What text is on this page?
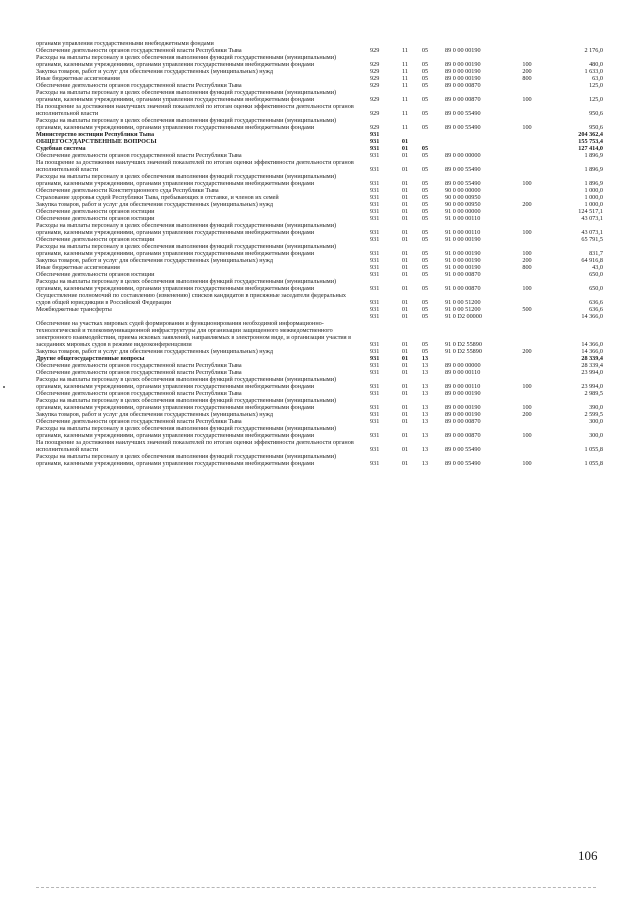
органами управления государственными внебюджетными фондами						
Обеспечение деятельности органов государственной власти Республики Тыва	929	11	05	89 0 00 00190		2 176,0
Расходы на выплаты персоналу в целях обеспечения выполнения функций государственными (муниципальными) органами, казенными учреждениями, органами управления государственными внебюджетными фондами	929	11	05	89 0 00 00190	100	480,0
Закупка товаров, работ и услуг для обеспечения государственных (муниципальных) нужд	929	11	05	89 0 00 00190	200	1 633,0
Иные бюджетные ассигнования	929	11	05	89 0 00 00190	800	63,0
Обеспечение деятельности органов государственной власти Республики Тыва	929	11	05	89 0 00 00870		125,0
Расходы на выплаты персоналу в целях обеспечения выполнения функций государственными (муниципальными) органами, казенными учреждениями, органами управления государственными внебюджетными фондами	929	11	05	89 0 00 00870	100	125,0
На поощрение за достижения наилучших значений показателей по итогам оценки эффективности деятельности органов исполнительной власти	929	11	05	89 0 00 55490		950,6
Расходы на выплаты персоналу в целях обеспечения выполнения функций государственными (муниципальными) органами, казенными учреждениями, органами управления государственными внебюджетными фондами	929	11	05	89 0 00 55490	100	950,6
Министерство юстиции Республики Тыва	931					204 362,4
ОБЩЕГОСУДАРСТВЕННЫЕ ВОПРОСЫ	931	01				155 753,4
Судебная система	931	01	05			127 414,0
Обеспечение деятельности органов государственной власти Республики Тыва	931	01	05	89 0 00 00000		1 896,9
На поощрение за достижения наилучших значений показателей по итогам оценки эффективности деятельности органов исполнительной власти	931	01	05	89 0 00 55490		1 896,9
Расходы на выплаты персоналу в целях обеспечения выполнения функций государственными (муниципальными) органами, казенными учреждениями, органами управления государственными внебюджетными фондами	931	01	05	89 0 00 55490	100	1 896,9
Обеспечение деятельности Конституционного суда Республики Тыва	931	01	05	90 0 00 00000		1 000,0
Страхование здоровья судей Республики Тыва, пребывающих в отставке, и членов их семей	931	01	05	90 0 00 00950		1 000,0
Закупка товаров, работ и услуг для обеспечения государственных (муниципальных) нужд	931	01	05	90 0 00 00950	200	1 000,0
Обеспечение деятельности органов юстиции	931	01	05	91 0 00 00000		124 517,1
Обеспечение деятельности органов юстиции	931	01	05	91 0 00 00110		43 073,1
Расходы на выплаты персоналу в целях обеспечения выполнения функций государственными (муниципальными) органами, казенными учреждениями, органами управления государственными внебюджетными фондами	931	01	05	91 0 00 00110	100	43 073,1
Обеспечение деятельности органов юстиции	931	01	05	91 0 00 00190		65 791,5
Расходы на выплаты персоналу в целях обеспечения выполнения функций государственными (муниципальными) органами, казенными учреждениями, органами управления государственными внебюджетными фондами	931	01	05	91 0 00 00190	100	831,7
Закупка товаров, работ и услуг для обеспечения государственных (муниципальных) нужд	931	01	05	91 0 00 00190	200	64 916,8
Иные бюджетные ассигнования	931	01	05	91 0 00 00190	800	43,0
Обеспечение деятельности органов юстиции	931	01	05	91 0 00 00870		650,0
Расходы на выплаты персоналу в целях обеспечения выполнения функций государственными (муниципальными) органами, казенными учреждениями, органами управления государственными внебюджетными фондами	931	01	05	91 0 00 00870	100	650,0
Осуществление полномочий по составлению (изменению) списков кандидатов в присяжные заседатели федеральных судов общей юрисдикции в Российской Федерации	931	01	05	91 0 00 51200		636,6
Межбюджетные трансферты	931	01	05	91 0 00 51200	500	636,6
	931	01	05	91 0 D2 00000		14 366,0
Обеспечение на участках мировых судей формирования и функционирования необходимой информационно-технологической и телекоммуникационной инфраструктуры для организации защищенного межведомственного электронного взаимодействия, приема исковых заявлений, направляемых в электронном виде, и организации участия в заседаниях мировых судов в режиме видеоконференцсвязи	931	01	05	91 0 D2 55890		14 366,0
Закупка товаров, работ и услуг для обеспечения государственных (муниципальных) нужд	931	01	05	91 0 D2 55890	200	14 366,0
Другие общегосударственные вопросы	931	01	13			28 339,4
Обеспечение деятельности органов государственной власти Республики Тыва	931	01	13	89 0 00 00000		28 339,4
Обеспечение деятельности органов государственной власти Республики Тыва	931	01	13	89 0 00 00110		23 994,0
Расходы на выплаты персоналу в целях обеспечения выполнения функций государственными (муниципальными) органами, казенными учреждениями, органами управления государственными внебюджетными фондами	931	01	13	89 0 00 00110	100	23 994,0
Обеспечение деятельности органов государственной власти Республики Тыва	931	01	13	89 0 00 00190		2 989,5
Расходы на выплаты персоналу в целях обеспечения выполнения функций государственными (муниципальными) органами, казенными учреждениями, органами управления государственными внебюджетными фондами	931	01	13	89 0 00 00190	100	390,0
Закупка товаров, работ и услуг для обеспечения государственных (муниципальных) нужд	931	01	13	89 0 00 00190	200	2 599,5
Обеспечение деятельности органов государственной власти Республики Тыва	931	01	13	89 0 00 00870		300,0
Расходы на выплаты персоналу в целях обеспечения выполнения функций государственными (муниципальными) органами, казенными учреждениями, органами управления государственными внебюджетными фондами	931	01	13	89 0 00 00870	100	300,0
На поощрение за достижения наилучших значений показателей по итогам оценки эффективности деятельности органов исполнительной власти	931	01	13	89 0 00 55490		1 055,8
Расходы на выплаты персоналу в целях обеспечения выполнения функций государственными (муниципальными) органами, казенными учреждениями, органами управления государственными внебюджетными фондами	931	01	13	89 0 00 55490	100	1 055,8
106
